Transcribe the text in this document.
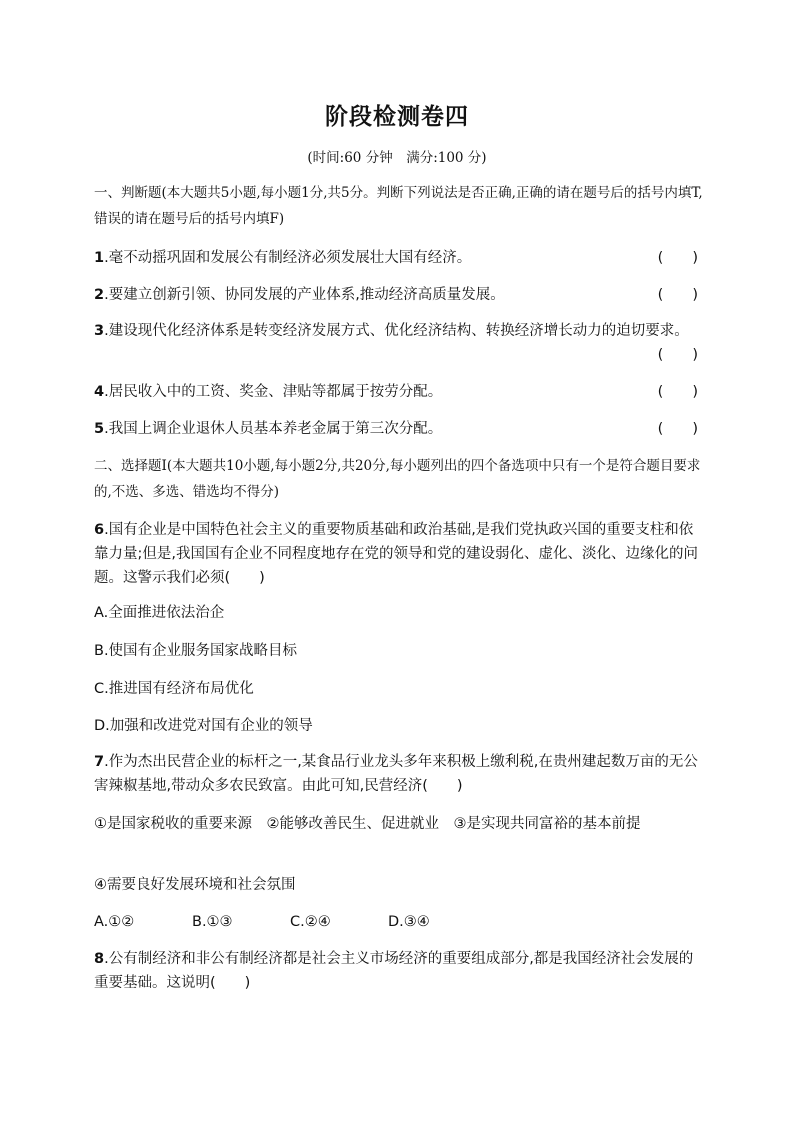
阶段检测卷四
(时间:60 分钟　满分:100 分)
一、判断题(本大题共5小题,每小题1分,共5分。判断下列说法是否正确,正确的请在题号后的括号内填T,错误的请在题号后的括号内填F)
1.毫不动摇巩固和发展公有制经济必须发展壮大国有经济。	(　　)
2.要建立创新引领、协同发展的产业体系,推动经济高质量发展。	(　　)
3.建设现代化经济体系是转变经济发展方式、优化经济结构、转换经济增长动力的迫切要求。
(　　)
4.居民收入中的工资、奖金、津贴等都属于按劳分配。	(　　)
5.我国上调企业退休人员基本养老金属于第三次分配。	(　　)
二、选择题Ⅰ(本大题共10小题,每小题2分,共20分,每小题列出的四个备选项中只有一个是符合题目要求的,不选、多选、错选均不得分)
6.国有企业是中国特色社会主义的重要物质基础和政治基础,是我们党执政兴国的重要支柱和依靠力量;但是,我国国有企业不同程度地存在党的领导和党的建设弱化、虚化、淡化、边缘化的问题。这警示我们必须(　　)
A.全面推进依法治企
B.使国有企业服务国家战略目标
C.推进国有经济布局优化
D.加强和改进党对国有企业的领导
7.作为杰出民营企业的标杆之一,某食品行业龙头多年来积极上缴利税,在贵州建起数万亩的无公害辣椒基地,带动众多农民致富。由此可知,民营经济(　　)
①是国家税收的重要来源　②能够改善民生、促进就业　③是实现共同富裕的基本前提
④需要良好发展环境和社会氛围
A.①②	B.①③	C.②④	D.③④
8.公有制经济和非公有制经济都是社会主义市场经济的重要组成部分,都是我国经济社会发展的重要基础。这说明(　　)
